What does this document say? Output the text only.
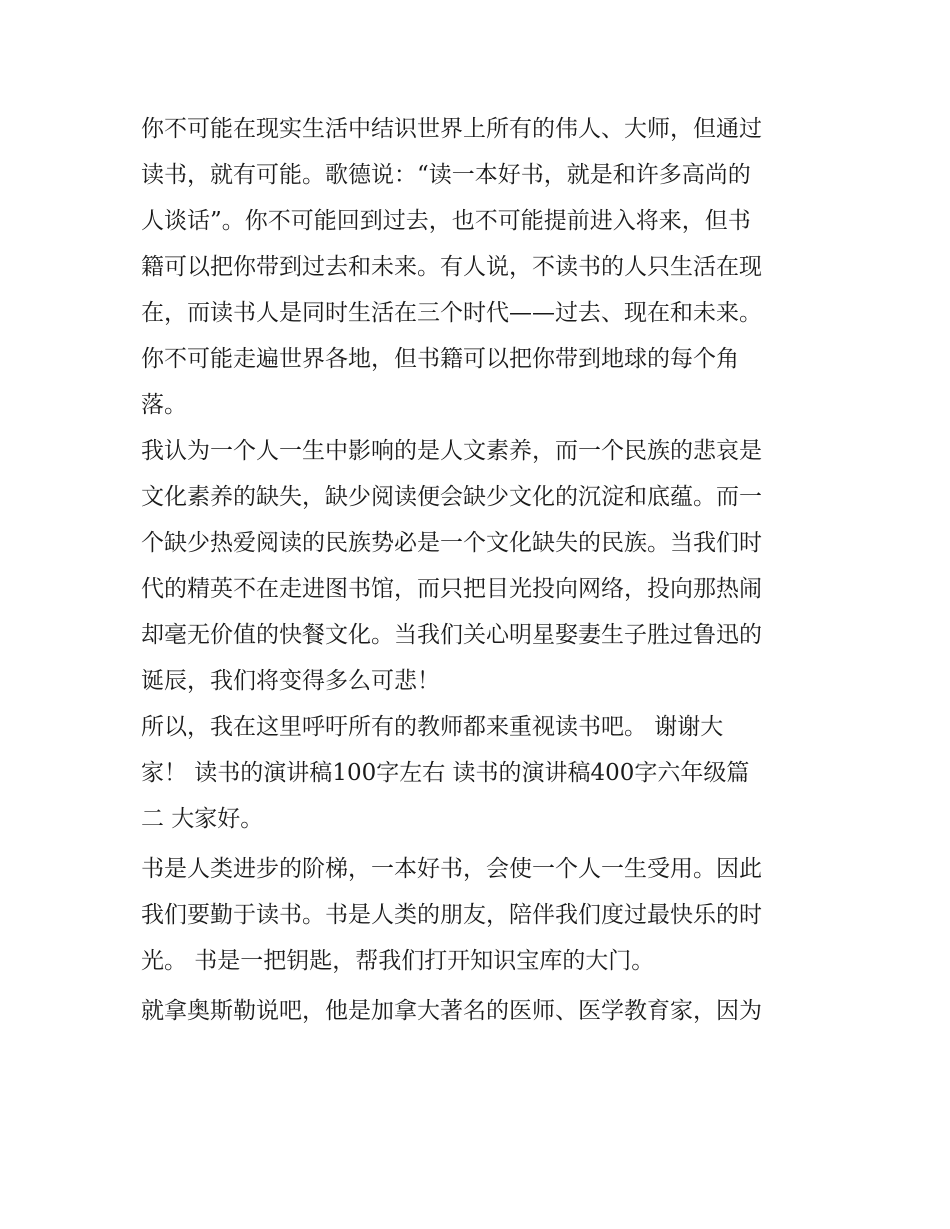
你不可能在现实生活中结识世界上所有的伟人、大师，但通过
读书，就有可能。歌德说：“读一本好书，就是和许多高尚的
人谈话”。你不可能回到过去，也不可能提前进入将来，但书
籍可以把你带到过去和未来。有人说，不读书的人只生活在现
在，而读书人是同时生活在三个时代——过去、现在和未来。
你不可能走遍世界各地，但书籍可以把你带到地球的每个角
落。
我认为一个人一生中影响的是人文素养，而一个民族的悲哀是
文化素养的缺失，缺少阅读便会缺少文化的沉淀和底蕴。而一
个缺少热爱阅读的民族势必是一个文化缺失的民族。当我们时
代的精英不在走进图书馆，而只把目光投向网络，投向那热闹
却毫无价值的快餐文化。当我们关心明星娶妻生子胜过鲁迅的
诞辰，我们将变得多么可悲！
所以，我在这里呼吁所有的教师都来重视读书吧。 谢谢大
家！ 读书的演讲稿100字左右 读书的演讲稿400字六年级篇
二 大家好。
书是人类进步的阶梯，一本好书，会使一个人一生受用。因此
我们要勤于读书。书是人类的朋友，陪伴我们度过最快乐的时
光。 书是一把钥匙，帮我们打开知识宝库的大门。
就拿奥斯勒说吧，他是加拿大著名的医师、医学教育家，因为
